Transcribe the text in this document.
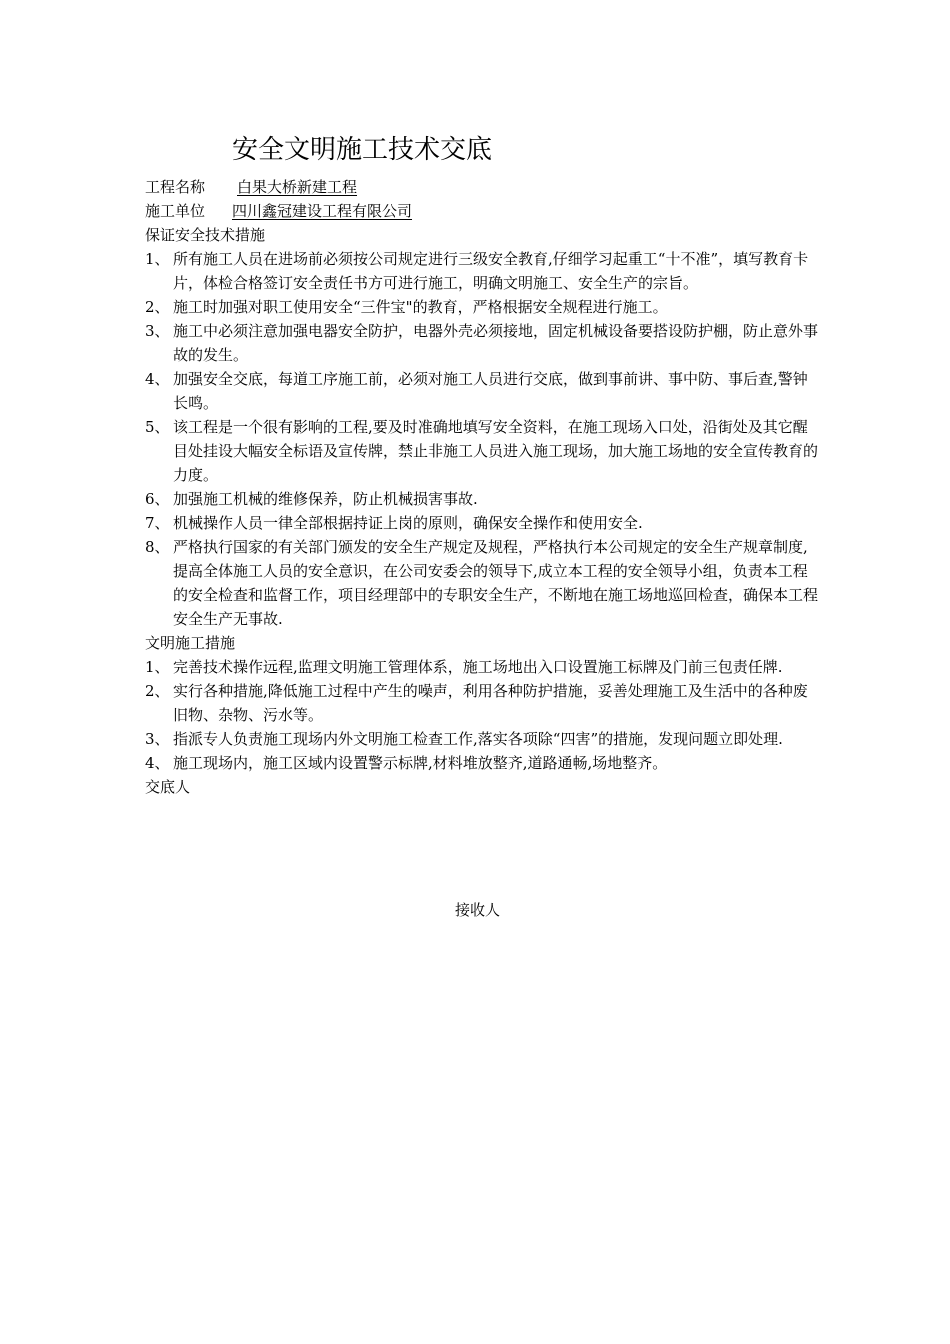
安全文明施工技术交底
工程名称 白果大桥新建工程
施工单位 四川鑫冠建设工程有限公司
保证安全技术措施
1、 所有施工人员在进场前必须按公司规定进行三级安全教育,仔细学习起重工“十不准”，填写教育卡片，体检合格签订安全责任书方可进行施工，明确文明施工、安全生产的宗旨。
2、 施工时加强对职工使用安全“三件宝"的教育，严格根据安全规程进行施工。
3、 施工中必须注意加强电器安全防护，电器外壳必须接地，固定机械设备要搭设防护棚，防止意外事故的发生。
4、 加强安全交底，每道工序施工前，必须对施工人员进行交底，做到事前讲、事中防、事后查,警钟长鸣。
5、 该工程是一个很有影响的工程,要及时准确地填写安全资料，在施工现场入口处，沿街处及其它醒目处挂设大幅安全标语及宣传牌，禁止非施工人员进入施工现场，加大施工场地的安全宣传教育的力度。
6、 加强施工机械的维修保养，防止机械损害事故.
7、 机械操作人员一律全部根据持证上岗的原则，确保安全操作和使用安全.
8、 严格执行国家的有关部门颁发的安全生产规定及规程，严格执行本公司规定的安全生产规章制度,提高全体施工人员的安全意识，在公司安委会的领导下,成立本工程的安全领导小组，负责本工程的安全检查和监督工作，项目经理部中的专职安全生产，不断地在施工场地巡回检查，确保本工程安全生产无事故.
文明施工措施
1、 完善技术操作远程,监理文明施工管理体系，施工场地出入口设置施工标牌及门前三包责任牌.
2、 实行各种措施,降低施工过程中产生的噪声，利用各种防护措施，妥善处理施工及生活中的各种废旧物、杂物、污水等。
3、 指派专人负责施工现场内外文明施工检查工作,落实各项除“四害”的措施，发现问题立即处理.
4、 施工现场内，施工区域内设置警示标牌,材料堆放整齐,道路通畅,场地整齐。
交底人
接收人
